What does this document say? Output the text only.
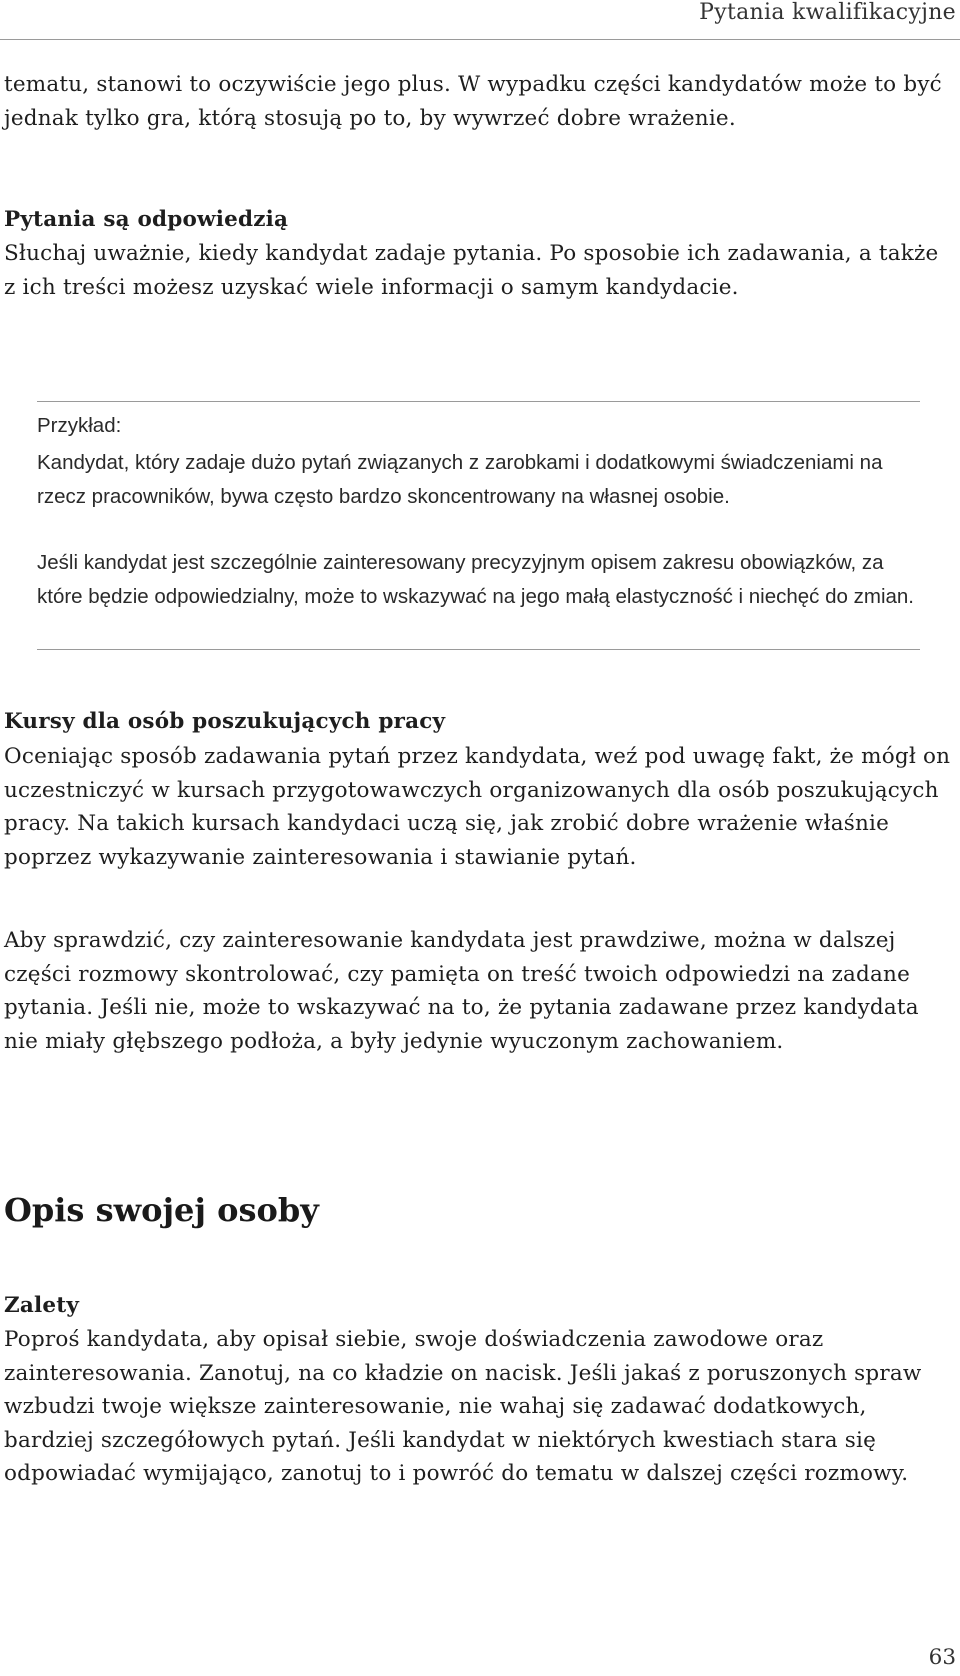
Pytania kwalifikacyjne

tematu, stanowi to oczywiście jego plus. W wypadku części kandydatów może to być jednak tylko gra, którą stosują po to, by wywrzeć dobre wrażenie.

Pytania są odpowiedzią

Słuchaj uważnie, kiedy kandydat zadaje pytania. Po sposobie ich zadawania, a także z ich treści możesz uzyskać wiele informacji o samym kandydacie.

Przykład:

Kandydat, który zadaje dużo pytań związanych z zarobkami i dodatkowymi świadczeniami na rzecz pracowników, bywa często bardzo skoncentrowany na własnej osobie.

Jeśli kandydat jest szczególnie zainteresowany precyzyjnym opisem zakresu obowiązków, za które będzie odpowiedzialny, może to wskazywać na jego małą elastyczność i niechęć do zmian.

Kursy dla osób poszukujących pracy

Oceniając sposób zadawania pytań przez kandydata, weź pod uwagę fakt, że mógł on uczestniczyć w kursach przygotowawczych organizowanych dla osób poszukujących pracy. Na takich kursach kandydaci uczą się, jak zrobić dobre wrażenie właśnie poprzez wykazywanie zainteresowania i stawianie pytań.

Aby sprawdzić, czy zainteresowanie kandydata jest prawdziwe, można w dalszej części rozmowy skontrolować, czy pamięta on treść twoich odpowiedzi na zadane pytania. Jeśli nie, może to wskazywać na to, że pytania zadawane przez kandydata nie miały głębszego podłoża, a były jedynie wyuczonym zachowaniem.

Opis swojej osoby
Zalety

Poproś kandydata, aby opisał siebie, swoje doświadczenia zawodowe oraz zainteresowania. Zanotuj, na co kładzie on nacisk. Jeśli jakaś z poruszonych spraw wzbudzi twoje większe zainteresowanie, nie wahaj się zadawać dodatkowych, bardziej szczegółowych pytań. Jeśli kandydat w niektórych kwestiach stara się odpowiadać wymijająco, zanotuj to i powróć do tematu w dalszej części rozmowy.

63
